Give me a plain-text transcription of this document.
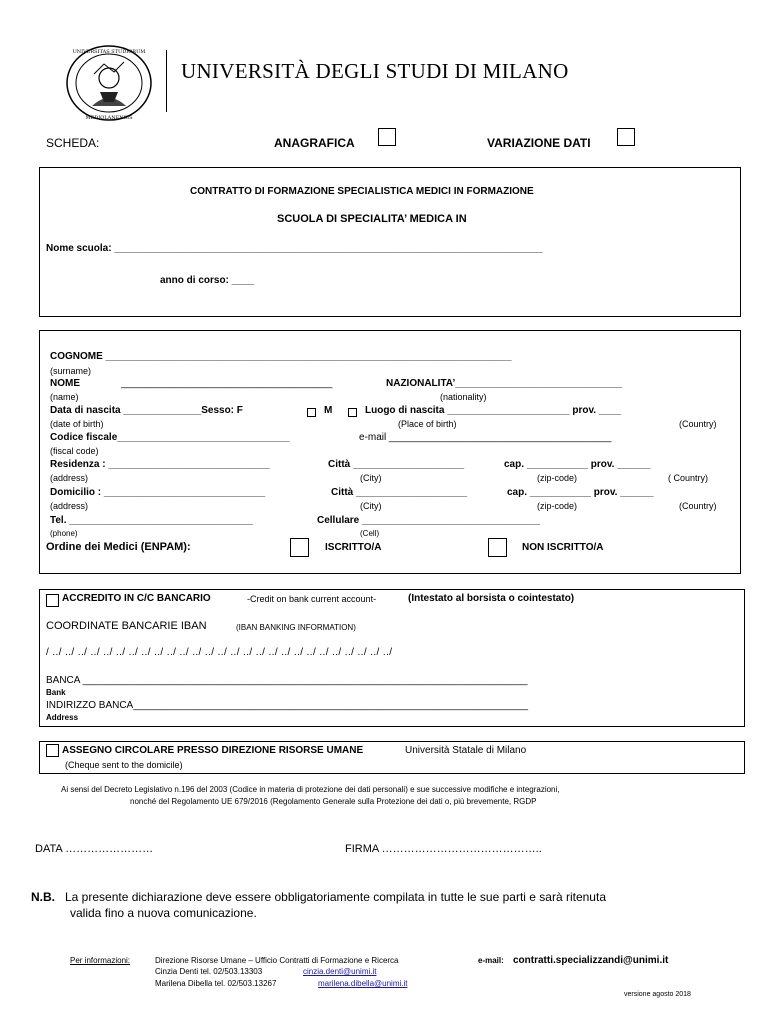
UNIVERSITAS STUDIORUM
MEDIOLANENSIS
UNIVERSITÀ DEGLI STUDI DI MILANO
SCHEDA:	ANAGRAFICA	VARIAZIONE DATI
CONTRATTO DI FORMAZIONE SPECIALISTICA MEDICI IN FORMAZIONE
SCUOLA DI SPECIALITA’ MEDICA IN
Nome scuola: _____________________________________________________________________________
anno di corso: ____
COGNOME _________________________________________________________________________
(surname)
NOME	______________________________________	NAZIONALITA’______________________________
(name)	(nationality)
Data di nascita ______________Sesso: F	M	Luogo di nascita ______________________ prov. ____
(date of birth)	(Place of birth)	(Country)
Codice fiscale_______________________________	e-mail ________________________________________
(fiscal code)
Residenza : _____________________________	Città ____________________	cap. ___________ prov. ______
(address)	(City)	(zip-code)	( Country)
Domicilio : _____________________________	Città ____________________	cap. ___________ prov. ______
(address)	(City)	(zip-code)	(Country)
Tel. _________________________________	Cellulare ________________________________
(phone)	(Cell)
Ordine dei Medici (ENPAM):	ISCRITTO/A	NON ISCRITTO/A
ACCREDITO IN C/C BANCARIO	-Credit on bank current account-	(Intestato al borsista o cointestato)
COORDINATE BANCARIE IBAN	(IBAN BANKING INFORMATION)
/ ../ ../ ../ ../ ../ ../ ../ ../ ../ ../ ../ ../ ../ ../ ../ ../ ../ ../ ../ ../ ../ ../ ../ ../ ../ ../ ../
BANCA ________________________________________________________________________________
Bank
INDIRIZZO BANCA_______________________________________________________________________
Address
ASSEGNO CIRCOLARE PRESSO DIREZIONE RISORSE UMANE	Università Statale di Milano
(Cheque sent to the domicile)
Ai sensi del Decreto Legislativo n.196 del 2003 (Codice in materia di protezione dei dati personali) e sue successive modifiche e integrazioni,
nonché del Regolamento UE 679/2016 (Regolamento Generale sulla Protezione dei dati o, più brevemente, RGDP
DATA ……………………	FIRMA ……………………………………..
N.B. La presente dichiarazione deve essere obbligatoriamente compilata in tutte le sue parti e sarà ritenuta
valida fino a nuova comunicazione.
Per informazioni:	Direzione Risorse Umane – Ufficio Contratti di Formazione e Ricerca	e-mail: contratti.specializzandi@unimi.it
Cinzia Denti tel. 02/503.13303	cinzia.denti@unimi.it
Marilena Dibella tel. 02/503.13267	marilena.dibella@unimi.it
versione agosto 2018
